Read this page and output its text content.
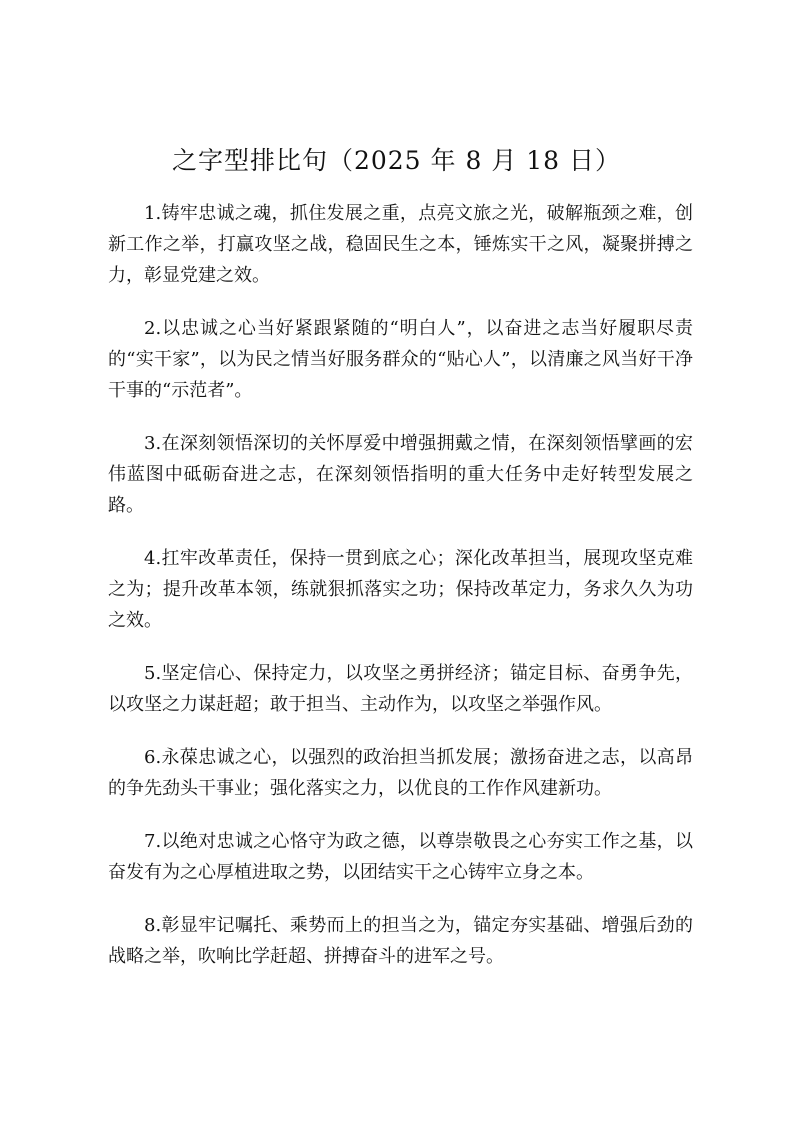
之字型排比句（2025 年 8 月 18 日）

1.铸牢忠诚之魂，抓住发展之重，点亮文旅之光，破解瓶颈之难，创新工作之举，打赢攻坚之战，稳固民生之本，锤炼实干之风，凝聚拼搏之力，彰显党建之效。

2.以忠诚之心当好紧跟紧随的“明白人”，以奋进之志当好履职尽责的“实干家”，以为民之情当好服务群众的“贴心人”，以清廉之风当好干净干事的“示范者”。

3.在深刻领悟深切的关怀厚爱中增强拥戴之情，在深刻领悟擘画的宏伟蓝图中砥砺奋进之志，在深刻领悟指明的重大任务中走好转型发展之路。

4.扛牢改革责任，保持一贯到底之心；深化改革担当，展现攻坚克难之为；提升改革本领，练就狠抓落实之功；保持改革定力，务求久久为功之效。

5.坚定信心、保持定力，以攻坚之勇拼经济；锚定目标、奋勇争先，以攻坚之力谋赶超；敢于担当、主动作为，以攻坚之举强作风。

6.永葆忠诚之心，以强烈的政治担当抓发展；激扬奋进之志，以高昂的争先劲头干事业；强化落实之力，以优良的工作作风建新功。

7.以绝对忠诚之心恪守为政之德，以尊崇敬畏之心夯实工作之基，以奋发有为之心厚植进取之势，以团结实干之心铸牢立身之本。

8.彰显牢记嘱托、乘势而上的担当之为，锚定夯实基础、增强后劲的战略之举，吹响比学赶超、拼搏奋斗的进军之号。
